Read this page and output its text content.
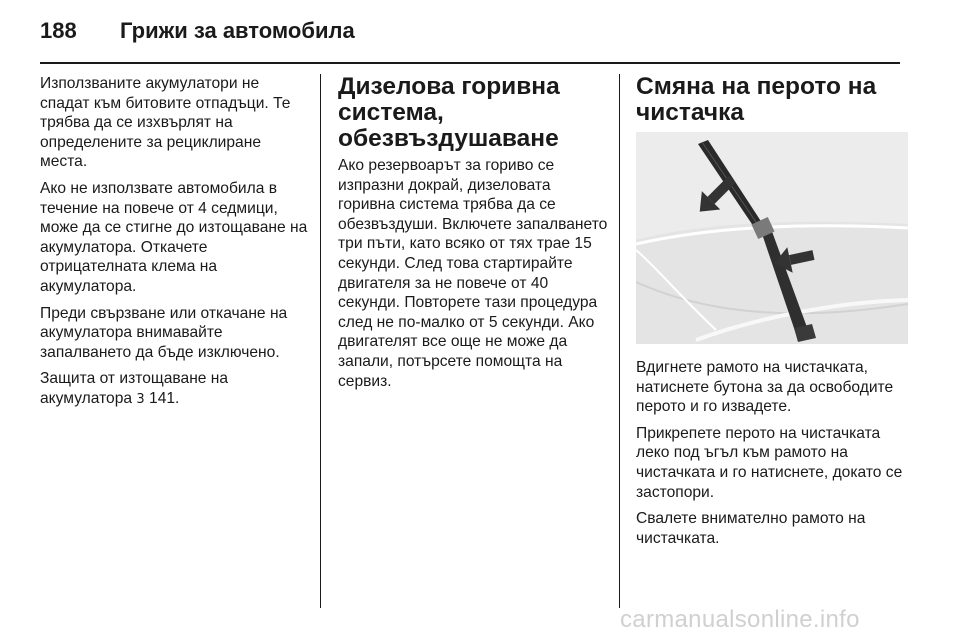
188 Грижи за автомобила

Използваните акумулатори не спадат към битовите отпадъци. Те трябва да се изхвърлят на определените за рециклиране места.

Ако не използвате автомобила в течение на повече от 4 седмици, може да се стигне до изтощаване на акумулатора. Откачете отрицателната клема на акумулатора.

Преди свързване или откачане на акумулатора внимавайте запалването да бъде изключено.

Защита от изтощаване на акумулатора 3 141.

Дизелова горивна система, обезвъздушаване

Ако резервоарът за гориво се изпразни докрай, дизеловата горивна система трябва да се обезвъздуши. Включете запалването три пъти, като всяко от тях трае 15 секунди. След това стартирайте двигателя за не повече от 40 секунди. Повторете тази процедура след не по-малко от 5 секунди. Ако двигателят все още не може да запали, потърсете помощта на сервиз.

Смяна на перото на чистачка

Вдигнете рамото на чистачката, натиснете бутона за да освободите перото и го извадете.

Прикрепете перото на чистачката леко под ъгъл към рамото на чистачката и го натиснете, докато се застопори.

Свалете внимателно рамото на чистачката.

carmanualsonline.info
